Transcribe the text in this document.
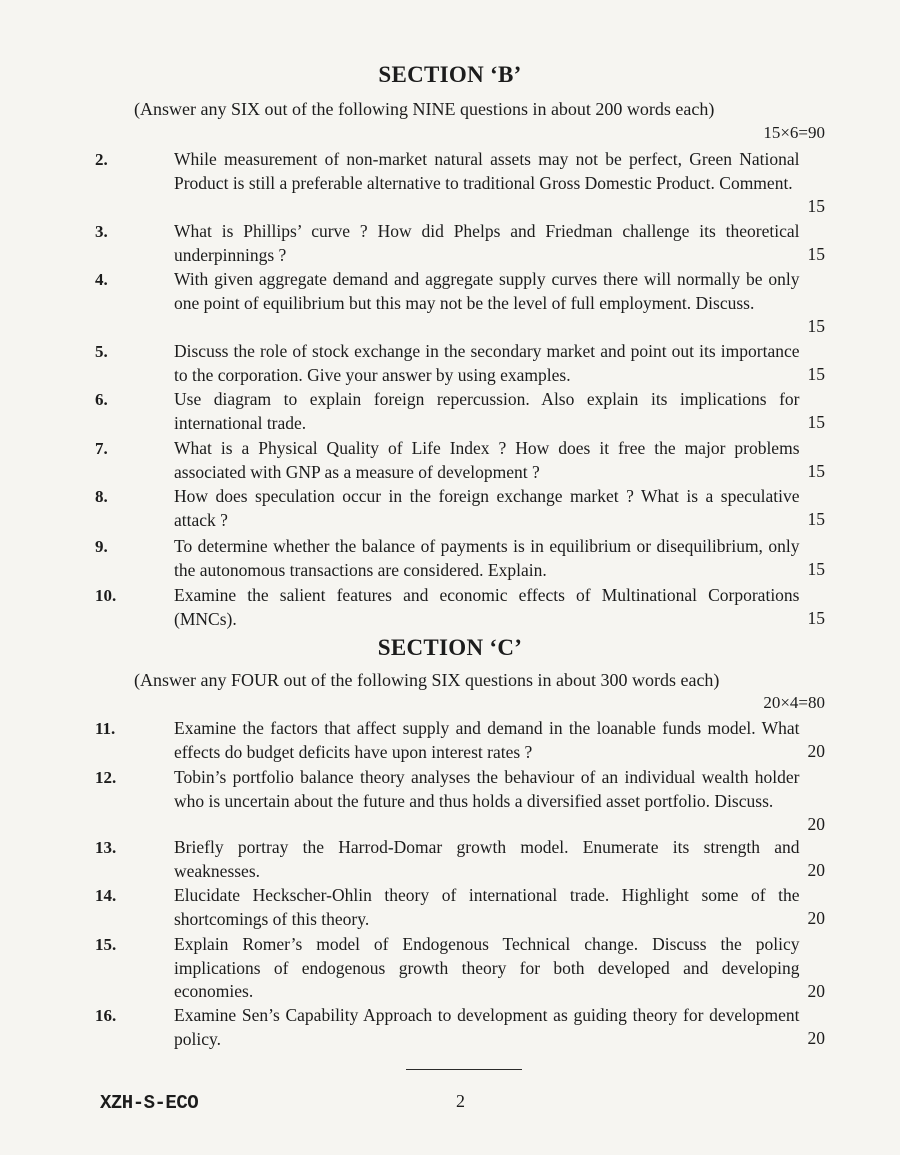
SECTION ‘B’
(Answer any SIX out of the following NINE questions in about 200 words each)
15×6=90
2.
15
While measurement of non-market natural assets may not be perfect, Green National Product is still a preferable alternative to traditional Gross Domestic Product. Comment.
3.
15
What is Phillips’ curve ? How did Phelps and Friedman challenge its theoretical underpinnings ?
4.
15
With given aggregate demand and aggregate supply curves there will normally be only one point of equilibrium but this may not be the level of full employment. Discuss.
5.
15
Discuss the role of stock exchange in the secondary market and point out its importance to the corporation. Give your answer by using examples.
6.
15
Use diagram to explain foreign repercussion. Also explain its implications for international trade.
7.
15
What is a Physical Quality of Life Index ? How does it free the major problems associated with GNP as a measure of development ?
8.
15
How does speculation occur in the foreign exchange market ? What is a speculative attack ?
9.
15
To determine whether the balance of payments is in equilibrium or disequilibrium, only the autonomous transactions are considered. Explain.
10.
15
Examine the salient features and economic effects of Multinational Corporations (MNCs).
SECTION ‘C’
(Answer any FOUR out of the following SIX questions in about 300 words each)
20×4=80
11.
20
Examine the factors that affect supply and demand in the loanable funds model. What effects do budget deficits have upon interest rates ?
12.
20
Tobin’s portfolio balance theory analyses the behaviour of an individual wealth holder who is uncertain about the future and thus holds a diversified asset portfolio. Discuss.
13.
20
Briefly portray the Harrod-Domar growth model. Enumerate its strength and weaknesses.
14.
20
Elucidate Heckscher-Ohlin theory of international trade. Highlight some of the shortcomings of this theory.
15.
20
Explain Romer’s model of Endogenous Technical change. Discuss the policy implications of endogenous growth theory for both developed and developing economies.
16.
20
Examine Sen’s Capability Approach to development as guiding theory for development policy.
XZH-S-ECO	2
